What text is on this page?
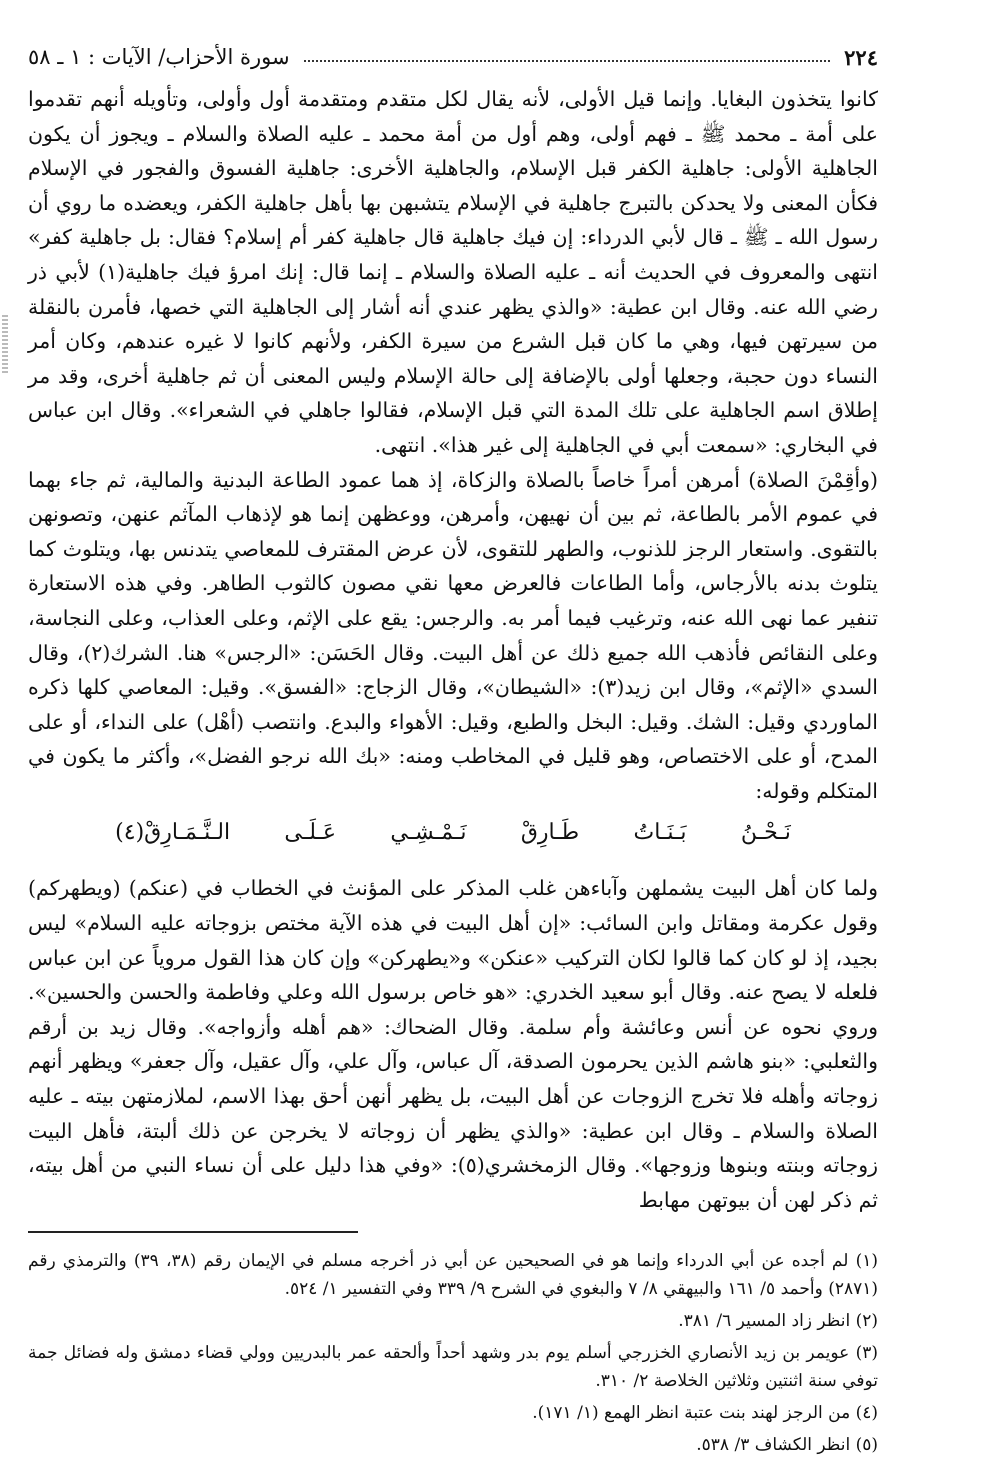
٢٢٤
سورة الأحزاب/ الآيات : ١ ـ ٥٨

كانوا يتخذون البغايا. وإنما قيل الأولى، لأنه يقال لكل متقدم ومتقدمة أول وأولى، وتأويله أنهم تقدموا على أمة ـ محمد ﷺ ـ فهم أولى، وهم أول من أمة محمد ـ عليه الصلاة والسلام ـ ويجوز أن يكون الجاهلية الأولى: جاهلية الكفر قبل الإسلام، والجاهلية الأخرى: جاهلية الفسوق والفجور في الإسلام فكأن المعنى ولا يحدكن بالتبرج جاهلية في الإسلام يتشبهن بها بأهل جاهلية الكفر، ويعضده ما روي أن رسول الله ـ ﷺ ـ قال لأبي الدرداء: إن فيك جاهلية قال جاهلية كفر أم إسلام؟ فقال: بل جاهلية كفر» انتهى والمعروف في الحديث أنه ـ عليه الصلاة والسلام ـ إنما قال: إنك امرؤ فيك جاهلية(١) لأبي ذر رضي الله عنه. وقال ابن عطية: «والذي يظهر عندي أنه أشار إلى الجاهلية التي خصها، فأمرن بالنقلة من سيرتهن فيها، وهي ما كان قبل الشرع من سيرة الكفر، ولأنهم كانوا لا غيره عندهم، وكان أمر النساء دون حجبة، وجعلها أولى بالإضافة إلى حالة الإسلام وليس المعنى أن ثم جاهلية أخرى، وقد مر إطلاق اسم الجاهلية على تلك المدة التي قبل الإسلام، فقالوا جاهلي في الشعراء». وقال ابن عباس في البخاري: «سمعت أبي في الجاهلية إلى غير هذا». انتهى.

(وأقِمْنَ الصلاة) أمرهن أمراً خاصاً بالصلاة والزكاة، إذ هما عمود الطاعة البدنية والمالية، ثم جاء بهما في عموم الأمر بالطاعة، ثم بين أن نهيهن، وأمرهن، ووعظهن إنما هو لإذهاب المآثم عنهن، وتصونهن بالتقوى. واستعار الرجز للذنوب، والطهر للتقوى، لأن عرض المقترف للمعاصي يتدنس بها، ويتلوث كما يتلوث بدنه بالأرجاس، وأما الطاعات فالعرض معها نقي مصون كالثوب الطاهر. وفي هذه الاستعارة تنفير عما نهى الله عنه، وترغيب فيما أمر به. والرجس: يقع على الإثم، وعلى العذاب، وعلى النجاسة، وعلى النقائص فأذهب الله جميع ذلك عن أهل البيت. وقال الحَسَن: «الرجس» هنا. الشرك(٢)، وقال السدي «الإثم»، وقال ابن زيد(٣): «الشيطان»، وقال الزجاج: «الفسق». وقيل: المعاصي كلها ذكره الماوردي وقيل: الشك. وقيل: البخل والطبع، وقيل: الأهواء والبدع. وانتصب (أهْل) على النداء، أو على المدح، أو على الاختصاص، وهو قليل في المخاطب ومنه: «بك الله نرجو الفضل»، وأكثر ما يكون في المتكلم وقوله:

نَـحْـنُ
بَـنَـاتُ
طَـارِقْ
نَـمْـشِـي
عَـلَـى
الـنَّـمَـارِقْ(٤)

ولما كان أهل البيت يشملهن وآباءهن غلب المذكر على المؤنث في الخطاب في (عنكم) (ويطهركم) وقول عكرمة ومقاتل وابن السائب: «إن أهل البيت في هذه الآية مختص بزوجاته عليه السلام» ليس بجيد، إذ لو كان كما قالوا لكان التركيب «عنكن» و«يطهركن» وإن كان هذا القول مروياً عن ابن عباس فلعله لا يصح عنه. وقال أبو سعيد الخدري: «هو خاص برسول الله وعلي وفاطمة والحسن والحسين». وروي نحوه عن أنس وعائشة وأم سلمة. وقال الضحاك: «هم أهله وأزواجه». وقال زيد بن أرقم والثعلبي: «بنو هاشم الذين يحرمون الصدقة، آل عباس، وآل علي، وآل عقيل، وآل جعفر» ويظهر أنهم زوجاته وأهله فلا تخرج الزوجات عن أهل البيت، بل يظهر أنهن أحق بهذا الاسم، لملازمتهن بيته ـ عليه الصلاة والسلام ـ وقال ابن عطية: «والذي يظهر أن زوجاته لا يخرجن عن ذلك ألبتة، فأهل البيت زوجاته وبنته وبنوها وزوجها». وقال الزمخشري(٥): «وفي هذا دليل على أن نساء النبي من أهل بيته، ثم ذكر لهن أن بيوتهن مهابط

(١) لم أجده عن أبي الدرداء وإنما هو في الصحيحين عن أبي ذر أخرجه مسلم في الإيمان رقم (٣٨، ٣٩) والترمذي رقم (٢٨٧١) وأحمد ٥/ ١٦١ والبيهقي ٨/ ٧ والبغوي في الشرح ٩/ ٣٣٩ وفي التفسير ١/ ٥٢٤.

(٢) انظر زاد المسير ٦/ ٣٨١.

(٣) عويمر بن زيد الأنصاري الخزرجي أسلم يوم بدر وشهد أحداً وألحقه عمر بالبدريين وولي قضاء دمشق وله فضائل جمة توفي سنة اثنتين وثلاثين الخلاصة ٢/ ٣١٠.

(٤) من الرجز لهند بنت عتبة انظر الهمع (١/ ١٧١).

(٥) انظر الكشاف ٣/ ٥٣٨.
